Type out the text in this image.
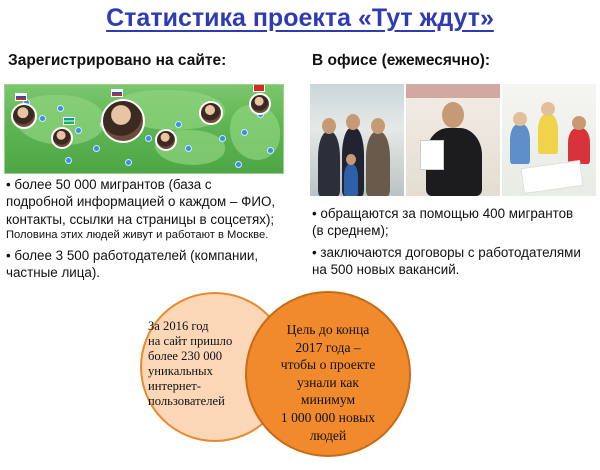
Статистика проекта «Тут ждут»
Зарегистрировано на сайте:	В офисе (ежемесячно):

• более 50 000 мигрантов (база с
подробной информацией о каждом – ФИО,
контакты, ссылки на страницы в соцсетях);

Половина этих людей живут и работают в Москве.

• более 3 500 работодателей (компании,
частные лица).

• обращаются за помощью 400 мигрантов
(в среднем);

• заключаются договоры с работодателями
на 500 новых вакансий.

За 2016 год
на сайт пришло
более 230 000
уникальных
интернет-
пользователей
Цель до конца
2017 года –
чтобы о проекте
узнали как
минимум
1 000 000 новых
людей
